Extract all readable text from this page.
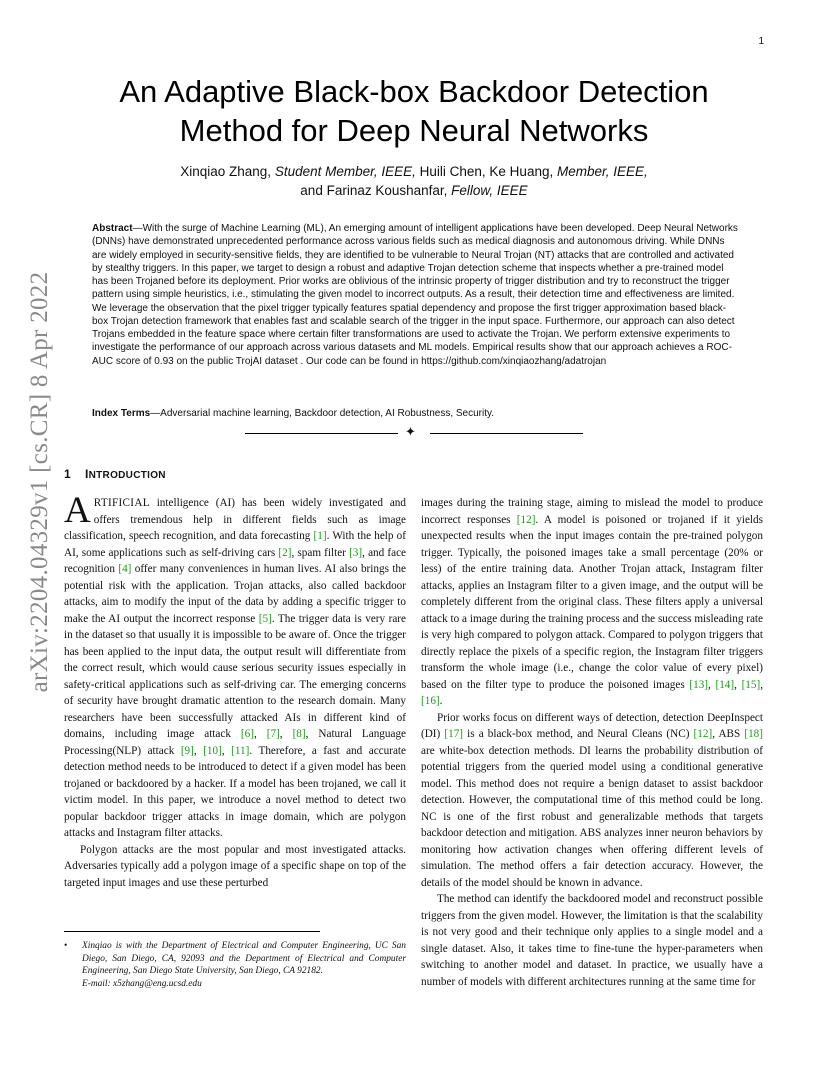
1
arXiv:2204.04329v1 [cs.CR] 8 Apr 2022
An Adaptive Black-box Backdoor Detection
Method for Deep Neural Networks
Xinqiao Zhang, Student Member, IEEE, Huili Chen, Ke Huang, Member, IEEE,
and Farinaz Koushanfar, Fellow, IEEE
Abstract—With the surge of Machine Learning (ML), An emerging amount of intelligent applications have been developed. Deep Neural Networks (DNNs) have demonstrated unprecedented performance across various fields such as medical diagnosis and autonomous driving. While DNNs are widely employed in security-sensitive fields, they are identified to be vulnerable to Neural Trojan (NT) attacks that are controlled and activated by stealthy triggers. In this paper, we target to design a robust and adaptive Trojan detection scheme that inspects whether a pre-trained model has been Trojaned before its deployment. Prior works are oblivious of the intrinsic property of trigger distribution and try to reconstruct the trigger pattern using simple heuristics, i.e., stimulating the given model to incorrect outputs. As a result, their detection time and effectiveness are limited. We leverage the observation that the pixel trigger typically features spatial dependency and propose the first trigger approximation based black-box Trojan detection framework that enables fast and scalable search of the trigger in the input space. Furthermore, our approach can also detect Trojans embedded in the feature space where certain filter transformations are used to activate the Trojan. We perform extensive experiments to investigate the performance of our approach across various datasets and ML models. Empirical results show that our approach achieves a ROC-AUC score of 0.93 on the public TrojAI dataset . Our code can be found in https://github.com/xinqiaozhang/adatrojan
Index Terms—Adversarial machine learning, Backdoor detection, AI Robustness, Security.
✦
1 INTRODUCTION

ARTIFICIAL intelligence (AI) has been widely investigated and offers tremendous help in different fields such as image classification, speech recognition, and data forecasting [1]. With the help of AI, some applications such as self-driving cars [2], spam filter [3], and face recognition [4] offer many conveniences in human lives. AI also brings the potential risk with the application. Trojan attacks, also called backdoor attacks, aim to modify the input of the data by adding a specific trigger to make the AI output the incorrect response [5]. The trigger data is very rare in the dataset so that usually it is impossible to be aware of. Once the trigger has been applied to the input data, the output result will differentiate from the correct result, which would cause serious security issues especially in safety-critical applications such as self-driving car. The emerging concerns of security have brought dramatic attention to the research domain. Many researchers have been successfully attacked AIs in different kind of domains, including image attack [6], [7], [8], Natural Language Processing(NLP) attack [9], [10], [11]. Therefore, a fast and accurate detection method needs to be introduced to detect if a given model has been trojaned or backdoored by a hacker. If a model has been trojaned, we call it victim model. In this paper, we introduce a novel method to detect two popular backdoor trigger attacks in image domain, which are polygon attacks and Instagram filter attacks.

Polygon attacks are the most popular and most investigated attacks. Adversaries typically add a polygon image of a specific shape on top of the targeted input images and use these perturbed

•	Xinqiao is with the Department of Electrical and Computer Engineering, UC San Diego, San Diego, CA, 92093 and the Department of Electrical and Computer Engineering, San Diego State University, San Diego, CA 92182.
E-mail: x5zhang@eng.ucsd.edu

images during the training stage, aiming to mislead the model to produce incorrect responses [12]. A model is poisoned or trojaned if it yields unexpected results when the input images contain the pre-trained polygon trigger. Typically, the poisoned images take a small percentage (20% or less) of the entire training data. Another Trojan attack, Instagram filter attacks, applies an Instagram filter to a given image, and the output will be completely different from the original class. These filters apply a universal attack to a image during the training process and the success misleading rate is very high compared to polygon attack. Compared to polygon triggers that directly replace the pixels of a specific region, the Instagram filter triggers transform the whole image (i.e., change the color value of every pixel) based on the filter type to produce the poisoned images [13], [14], [15], [16].

Prior works focus on different ways of detection, detection DeepInspect (DI) [17] is a black-box method, and Neural Cleans (NC) [12], ABS [18] are white-box detection methods. DI learns the probability distribution of potential triggers from the queried model using a conditional generative model. This method does not require a benign dataset to assist backdoor detection. However, the computational time of this method could be long. NC is one of the first robust and generalizable methods that targets backdoor detection and mitigation. ABS analyzes inner neuron behaviors by monitoring how activation changes when offering different levels of simulation. The method offers a fair detection accuracy. However, the details of the model should be known in advance.

The method can identify the backdoored model and reconstruct possible triggers from the given model. However, the limitation is that the scalability is not very good and their technique only applies to a single model and a single dataset. Also, it takes time to fine-tune the hyper-parameters when switching to another model and dataset. In practice, we usually have a number of models with different architectures running at the same time for
